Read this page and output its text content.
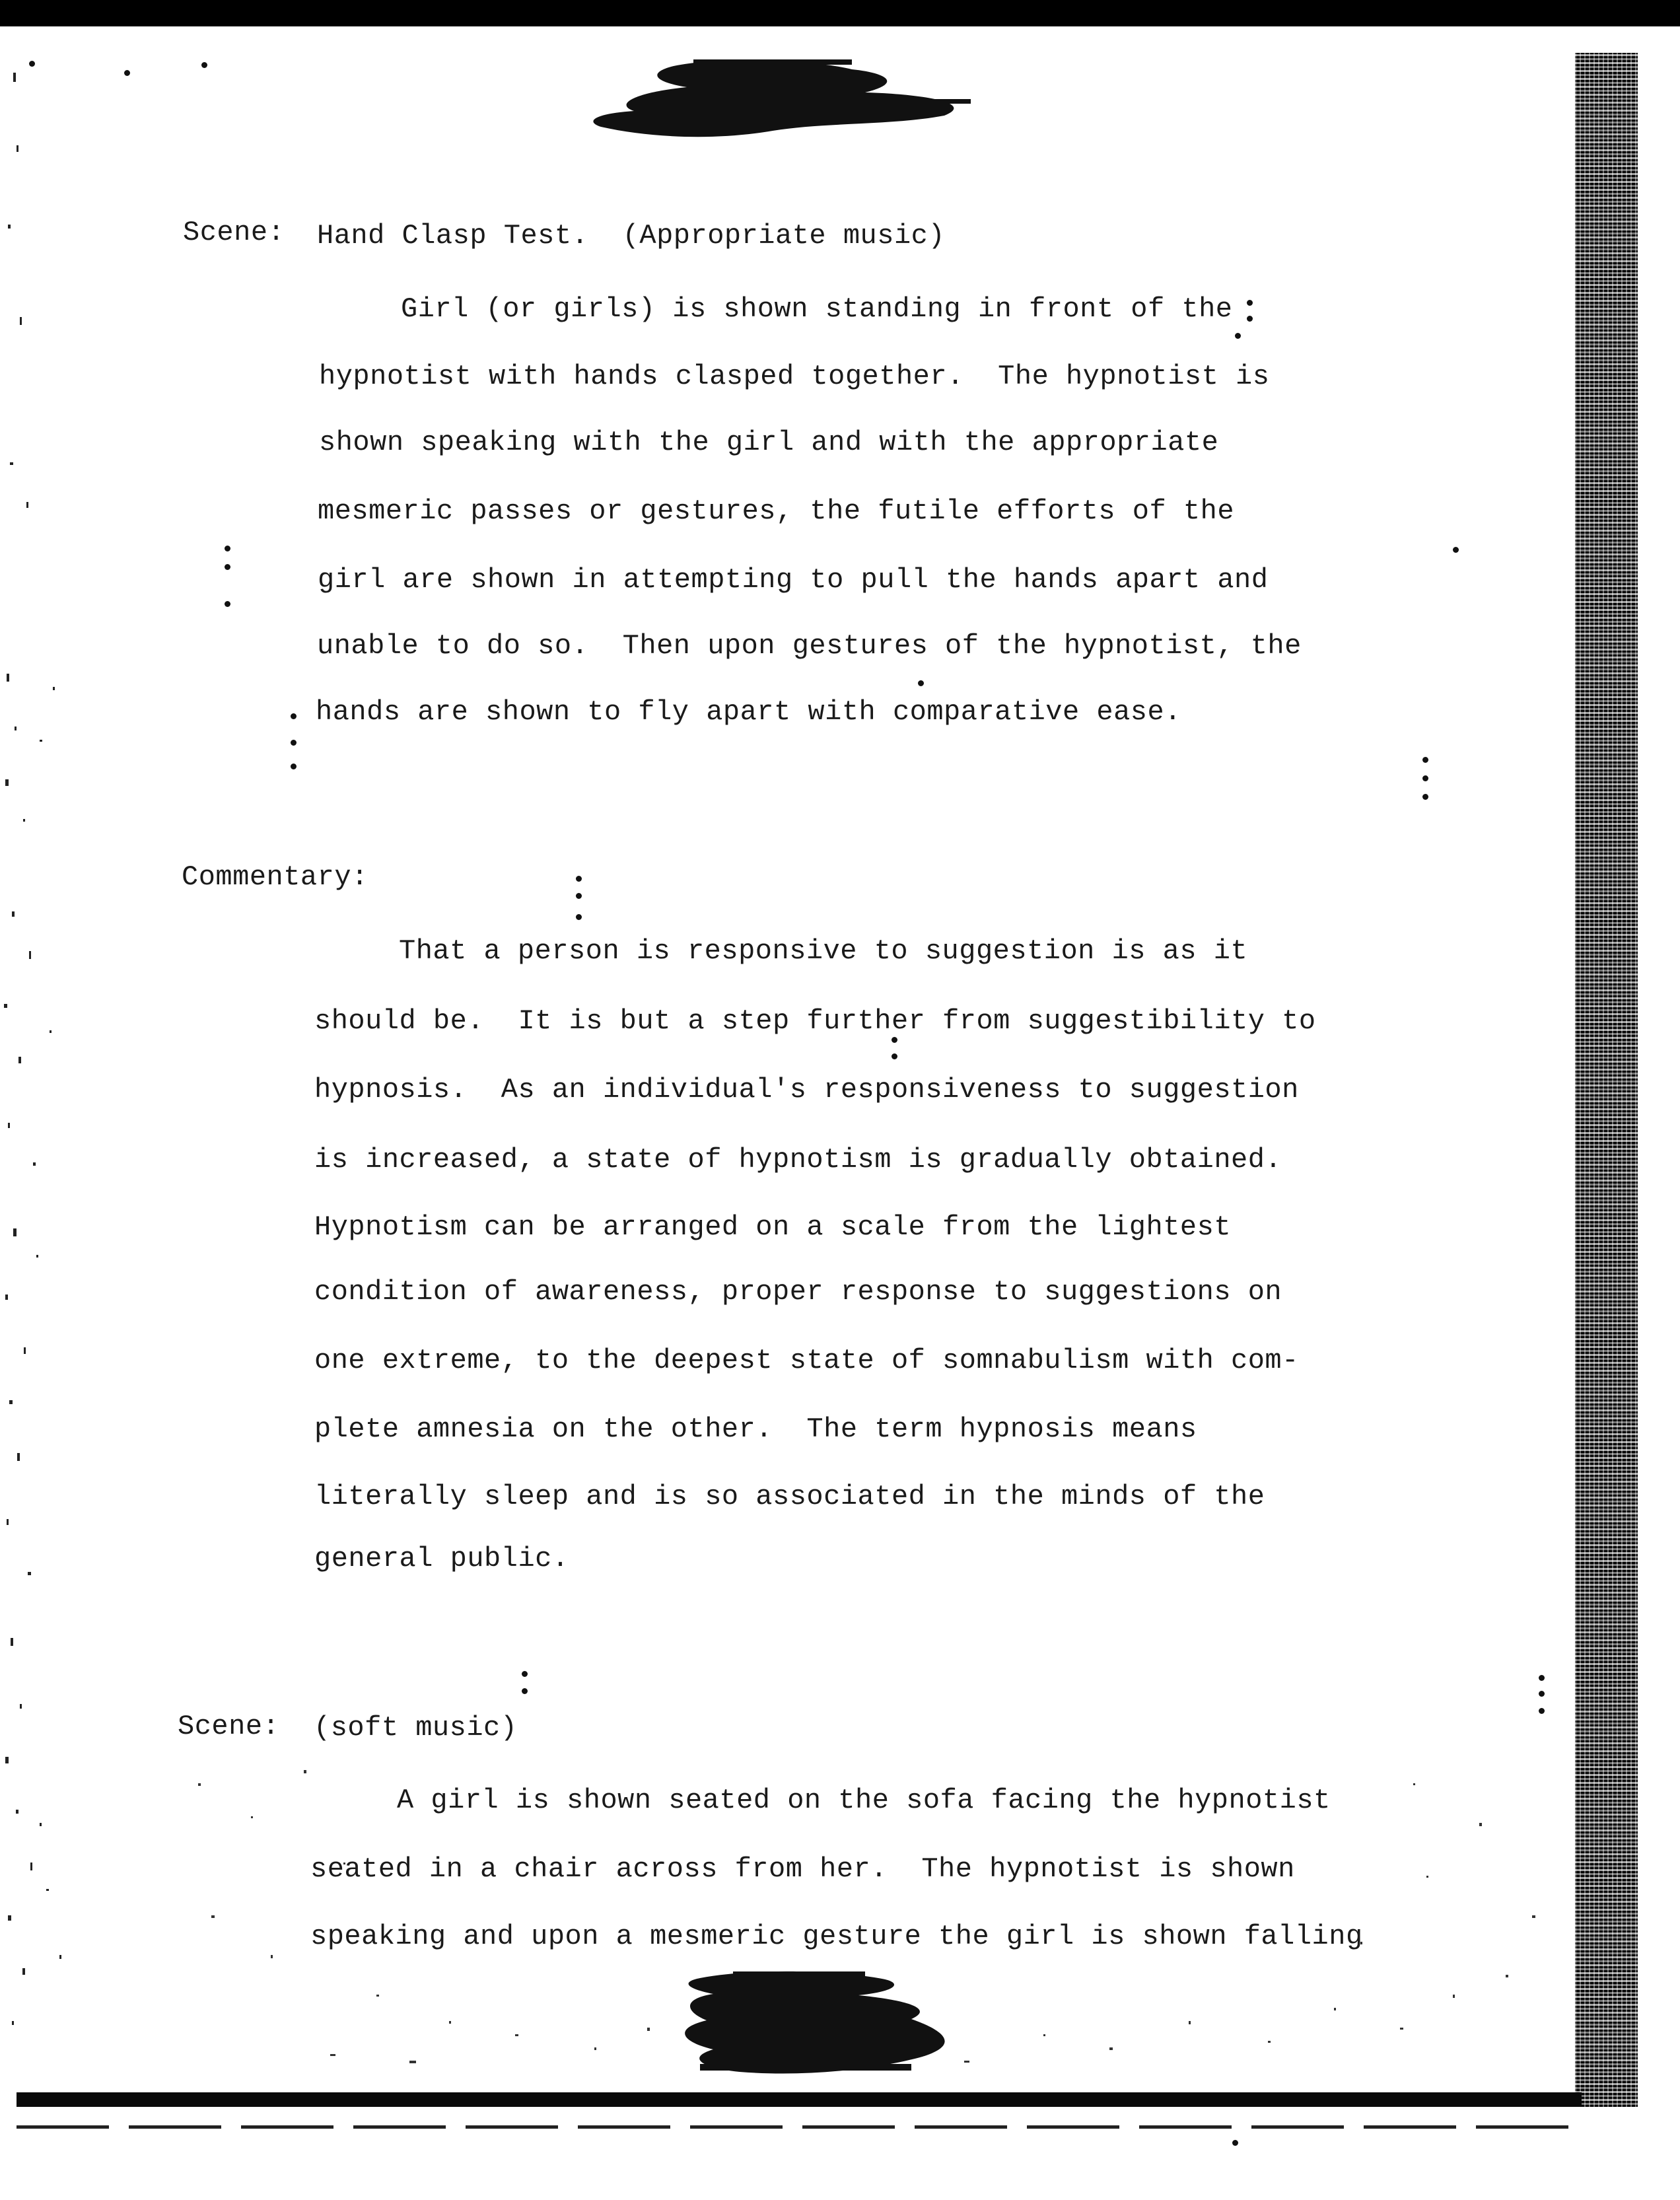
Scene: Hand Clasp Test.  (Appropriate music)
Girl (or girls) is shown standing in front of the
hypnotist with hands clasped together.  The hypnotist is
shown speaking with the girl and with the appropriate
mesmeric passes or gestures, the futile efforts of the
girl are shown in attempting to pull the hands apart and
unable to do so.  Then upon gestures of the hypnotist, the
hands are shown to fly apart with comparative ease.
Commentary:
That a person is responsive to suggestion is as it
should be.  It is but a step further from suggestibility to
hypnosis.  As an individual's responsiveness to suggestion
is increased, a state of hypnotism is gradually obtained.
Hypnotism can be arranged on a scale from the lightest
condition of awareness, proper response to suggestions on
one extreme, to the deepest state of somnabulism with com-
plete amnesia on the other.  The term hypnosis means
literally sleep and is so associated in the minds of the
general public.
Scene: (soft music)
A girl is shown seated on the sofa facing the hypnotist
seated in a chair across from her.  The hypnotist is shown
speaking and upon a mesmeric gesture the girl is shown falling
